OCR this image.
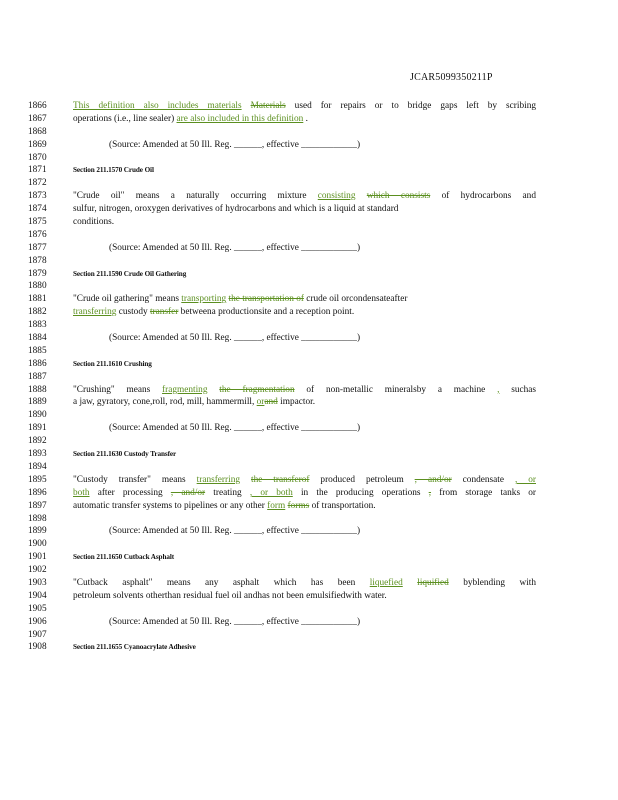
JCAR5099350211P
1866	This definition also includes materials Materials used for repairs or to bridge gaps left by scribing
1867	operations (i.e., line sealer) are also included in this definition .
1868
1869	(Source: Amended at 50 Ill. Reg. ______, effective ____________)
1870
1871	Section 211.1570 Crude Oil
1872
1873	"Crude oil" means a naturally occurring mixture consisting which consists of hydrocarbons and
1874	sulfur, nitrogen, oroxygen derivatives of hydrocarbons and which is a liquid at standard
1875	conditions.
1876
1877	(Source: Amended at 50 Ill. Reg. ______, effective ____________)
1878
1879	Section 211.1590 Crude Oil Gathering
1880
1881	"Crude oil gathering" means transporting the transportation of crude oil orcondensateafter
1882	transferring custody transfer betweena productionsite and a reception point.
1883
1884	(Source: Amended at 50 Ill. Reg. ______, effective ____________)
1885
1886	Section 211.1610 Crushing
1887
1888	"Crushing" means fragmenting the fragmentation of non-metallic mineralsby a machine , suchas
1889	a jaw, gyratory, cone,roll, rod, mill, hammermill, orand impactor.
1890
1891	(Source: Amended at 50 Ill. Reg. ______, effective ____________)
1892
1893	Section 211.1630 Custody Transfer
1894
1895	"Custody transfer" means transferring the transferof produced petroleum , and/or condensate , or
1896	both after processing , and/or treating , or both in the producing operations , from storage tanks or
1897	automatic transfer systems to pipelines or any other form forms of transportation.
1898
1899	(Source: Amended at 50 Ill. Reg. ______, effective ____________)
1900
1901	Section 211.1650 Cutback Asphalt
1902
1903	"Cutback asphalt" means any asphalt which has been liquefied liquified byblending with
1904	petroleum solvents otherthan residual fuel oil andhas not been emulsifiedwith water.
1905
1906	(Source: Amended at 50 Ill. Reg. ______, effective ____________)
1907
1908	Section 211.1655 Cyanoacrylate Adhesive
